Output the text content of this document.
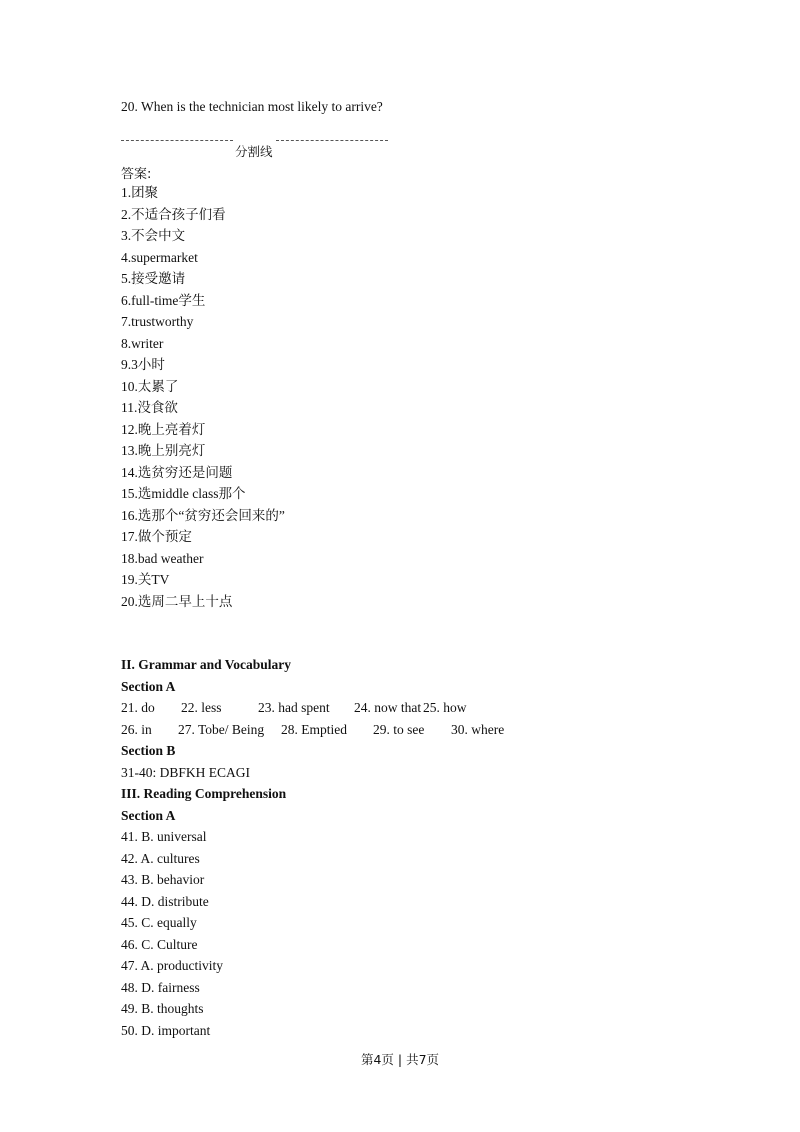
20. When is the technician most likely to arrive?
分割线
答案:
1.团聚
2.不适合孩子们看
3.不会中文
4.supermarket
5.接受邀请
6.full-time学生
7.trustworthy
8.writer
9.3小时
10.太累了
11.没食欲
12.晚上亮着灯
13.晚上别亮灯
14.选贫穷还是问题
15.选middle class那个
16.选那个“贫穷还会回来的”
17.做个预定
18.bad weather
19.关TV
20.选周二早上十点
II. Grammar and Vocabulary
Section A
21. do 22. less	23. had spent 24. now that 25. how
26. in 27. Tobe/ Being 28. Emptied 29. to see 30. where
Section B
31-40: DBFKH ECAGI
III. Reading Comprehension
Section A
41. B. universal
42. A. cultures
43. B. behavior
44. D. distribute
45. C. equally
46. C. Culture
47. A. productivity
48. D. fairness
49. B. thoughts
50. D. important
第4页 | 共7页
